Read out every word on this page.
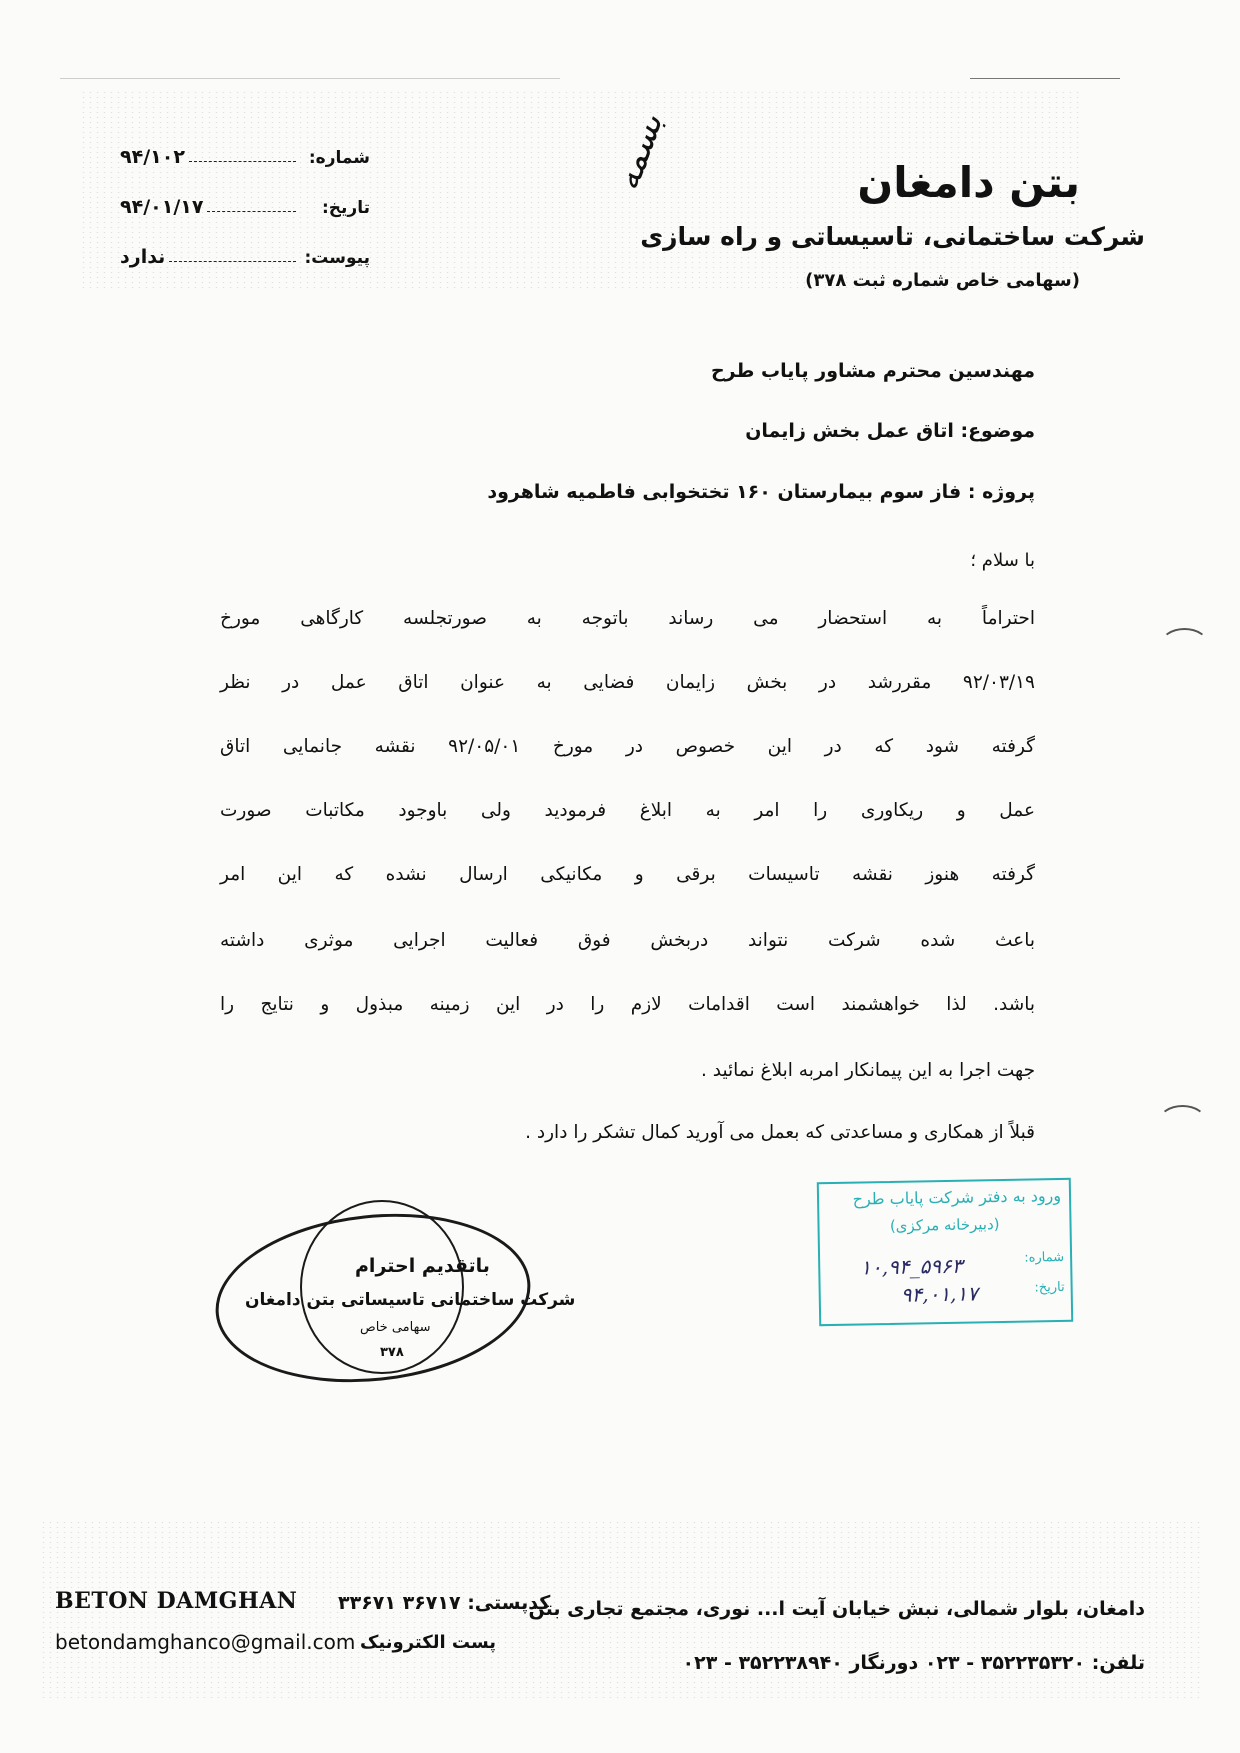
بتن دامغان
شرکت ساختمانی، تاسیساتی و راه سازی
(سهامی خاص شماره ثبت ۳۷۸)
بسمه
شماره:
۹۴/۱۰۲
تاریخ:
۹۴/۰۱/۱۷
پیوست:
ندارد
مهندسین محترم مشاور پایاب طرح
موضوع: اتاق عمل بخش زایمان
پروژه : فاز سوم بیمارستان ۱۶۰ تختخوابی فاطمیه شاهرود
با سلام ؛
احتراماً به استحضار می رساند باتوجه به صورتجلسه کارگاهی مورخ
۹۲/۰۳/۱۹ مقررشد در بخش زایمان فضایی به عنوان اتاق عمل در نظر
گرفته شود که در این خصوص در مورخ ۹۲/۰۵/۰۱ نقشه جانمایی اتاق
عمل و ریکاوری را امر به ابلاغ فرمودید ولی باوجود مکاتبات صورت
گرفته هنوز نقشه تاسیسات برقی و مکانیکی ارسال نشده که این امر
باعث شده شرکت نتواند دربخش فوق فعالیت اجرایی موثری داشته
باشد. لذا خواهشمند است اقدامات لازم را در این زمینه مبذول و نتایج را
جهت اجرا به این پیمانکار امربه ابلاغ نمائید .
قبلاً از همکاری و مساعدتی که بعمل می آورید کمال تشکر را دارد .
باتقدیم احترام
شرکت ساختمانی تاسیساتی بتن دامغان
سهامی خاص
۳۷۸
ورود به دفتر شرکت پایاب طرح
(دبیرخانه مرکزی)
شماره:
۱۰,۹۴_۵۹۶۳
تاریخ:
۹۴,۰۱,۱۷
BETON DAMGHAN کدپستی: ۳۶۷۱۷ ۳۳۶۷۱
دامغان، بلوار شمالی، نبش خیابان آیت ا... نوری، مجتمع تجاری بتن
betondamghanco@gmail.com پست الکترونیک
تلفن: ۳۵۲۲۳۵۳۲۰ - ۰۲۳ دورنگار ۳۵۲۲۳۸۹۴۰ - ۰۲۳
